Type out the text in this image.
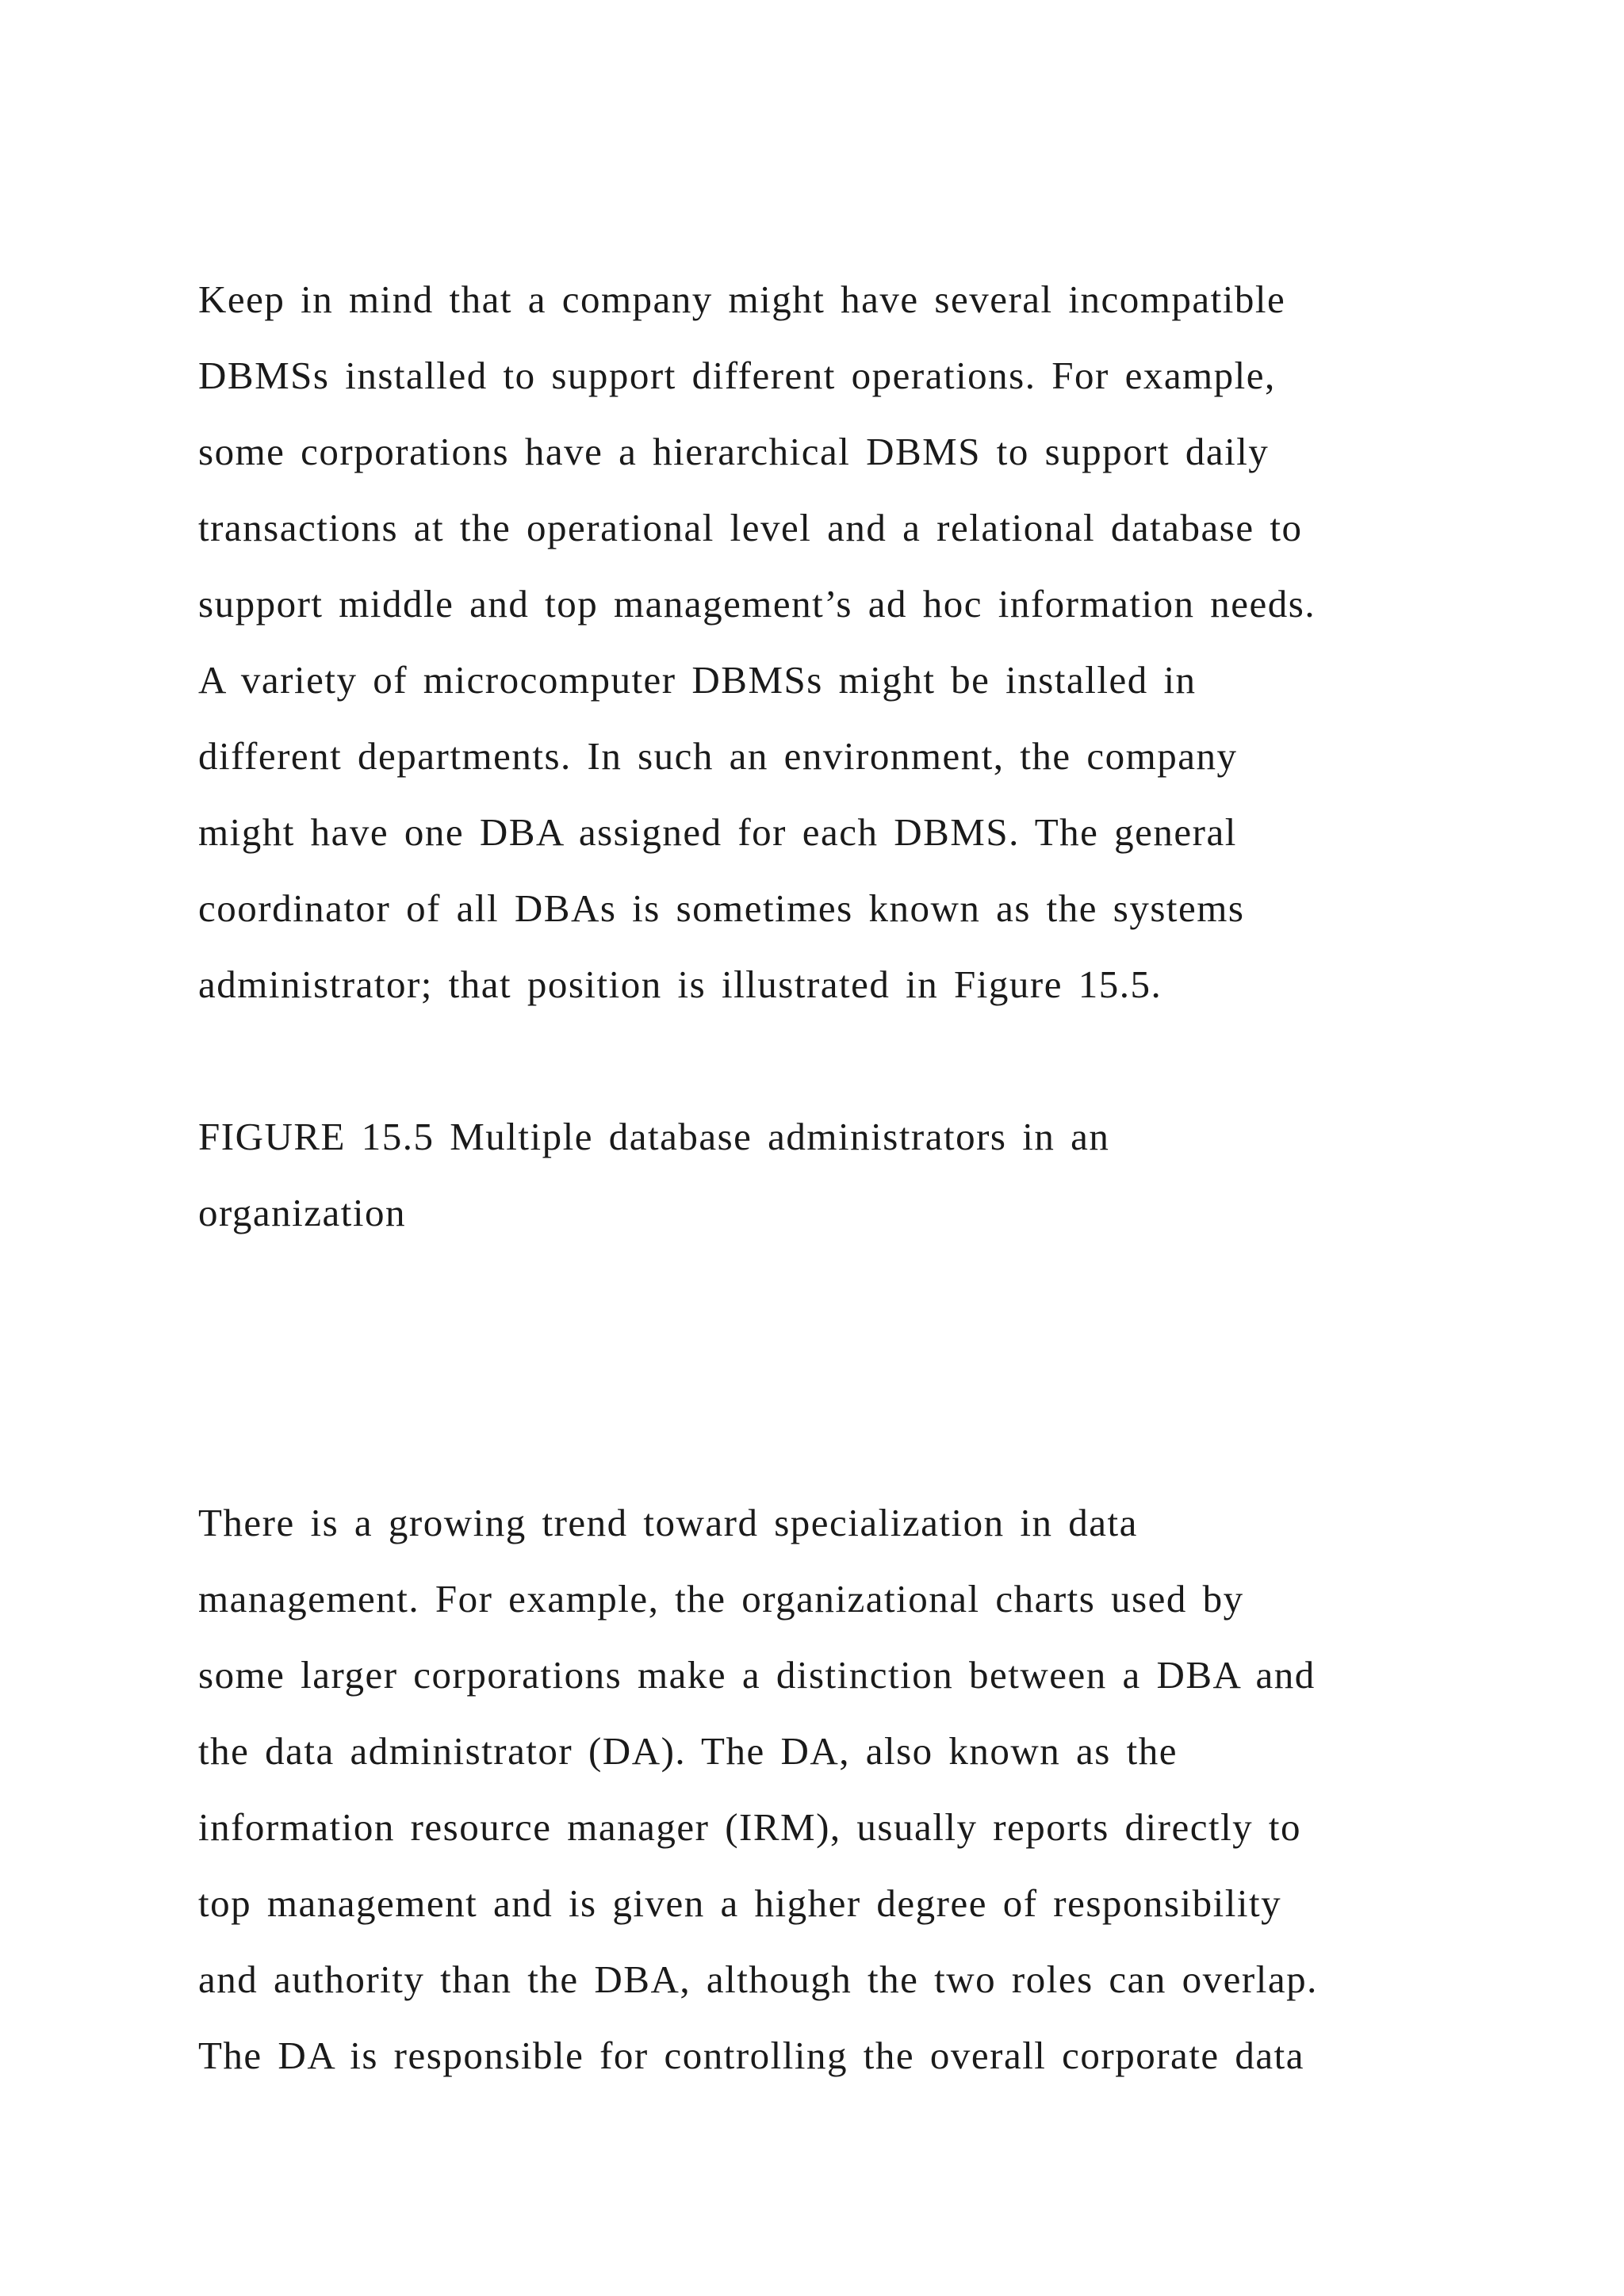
Keep in mind that a company might have several incompatible
DBMSs installed to support different operations. For example,
some corporations have a hierarchical DBMS to support daily
transactions at the operational level and a relational database to
support middle and top management’s ad hoc information needs.
A variety of microcomputer DBMSs might be installed in
different departments. In such an environment, the company
might have one DBA assigned for each DBMS. The general
coordinator of all DBAs is sometimes known as the systems
administrator; that position is illustrated in Figure 15.5.
FIGURE 15.5 Multiple database administrators in an
organization
There is a growing trend toward specialization in data
management. For example, the organizational charts used by
some larger corporations make a distinction between a DBA and
the data administrator (DA). The DA, also known as the
information resource manager (IRM), usually reports directly to
top management and is given a higher degree of responsibility
and authority than the DBA, although the two roles can overlap.
The DA is responsible for controlling the overall corporate data
